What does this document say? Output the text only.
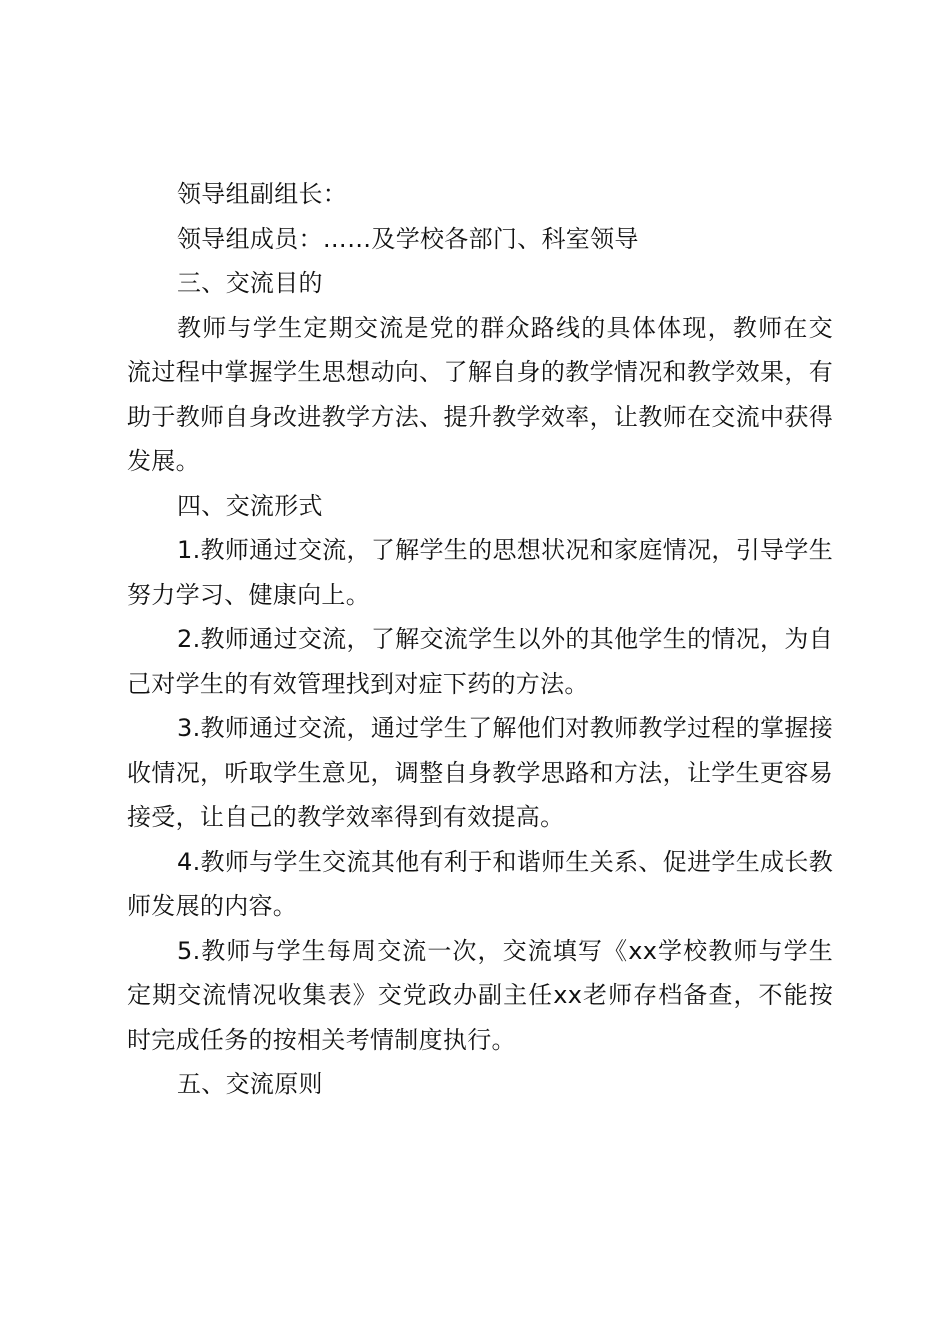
领导组副组长：

领导组成员：……及学校各部门、科室领导

三、交流目的

教师与学生定期交流是党的群众路线的具体体现，教师在交流过程中掌握学生思想动向、了解自身的教学情况和教学效果，有助于教师自身改进教学方法、提升教学效率，让教师在交流中获得发展。

四、交流形式

1.教师通过交流，了解学生的思想状况和家庭情况，引导学生努力学习、健康向上。

2.教师通过交流，了解交流学生以外的其他学生的情况，为自己对学生的有效管理找到对症下药的方法。

3.教师通过交流，通过学生了解他们对教师教学过程的掌握接收情况，听取学生意见，调整自身教学思路和方法，让学生更容易接受，让自己的教学效率得到有效提高。

4.教师与学生交流其他有利于和谐师生关系、促进学生成长教师发展的内容。

5.教师与学生每周交流一次，交流填写《xx学校教师与学生定期交流情况收集表》交党政办副主任xx老师存档备查，不能按时完成任务的按相关考情制度执行。

五、交流原则
